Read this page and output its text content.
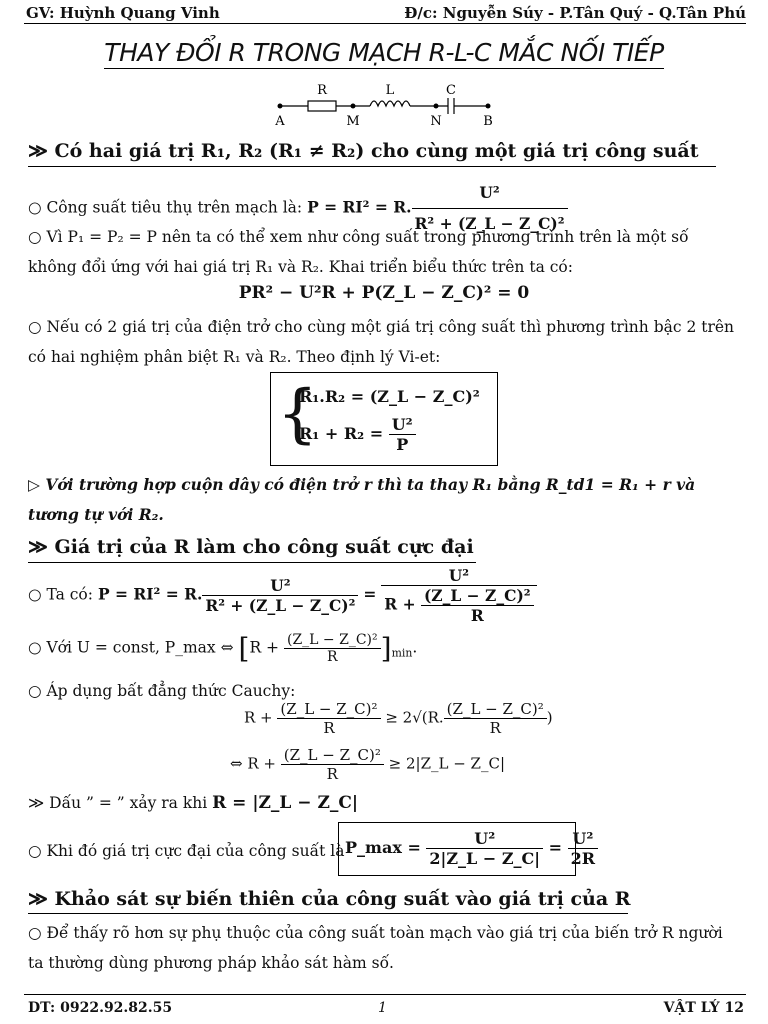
GV: Huỳnh Quang Vinh	Đ/c: Nguyễn Súy - P.Tân Quý - Q.Tân Phú
THAY ĐỔI R TRONG MẠCH R-L-C MẮC NỐI TIẾP
R	L	C
A	M	N	B
≫ Có hai giá trị R₁, R₂ (R₁ ≠ R₂) cho cùng một giá trị công suất
○ Công suất tiêu thụ trên mạch là: P = RI² = R. $\frac{\text{U²}}{\text{R² + (Z\_L − Z\_C)²}}$
○ Vì P₁ = P₂ = P nên ta có thể xem như công suất trong phương trình trên là một số không đổi ứng với hai giá trị R₁ và R₂. Khai triển biểu thức trên ta có:
PR² − U²R + P(Z_L − Z_C)² = 0
○ Nếu có 2 giá trị của điện trở cho cùng một giá trị công suất thì phương trình bậc 2 trên có hai nghiệm phân biệt R₁ và R₂. Theo định lý Vi-et:
{
R₁.R₂ = (Z_L − Z_C)²
$R_1 + R_2 = \frac{\text{U²}}{P}$
▷ Với trường hợp cuộn dây có điện trở r thì ta thay R₁ bằng R_td1 = R₁ + r và tương tự với R₂.
≫ Giá trị của R làm cho công suất cực đại
○ Ta có: P = RI² = R. $\frac{\text{U²}}{\text{R² + (Z\_L − Z\_C)²}} = \frac{\text{U²}}{R + \frac{\text{(Z\_L − Z\_C)²}}{R}}$
○ Với U = const, P_max ⇔ $[R + \frac{\text{(Z\_L − Z\_C)²}}{R} ]_{min}$.
○ Áp dụng bất đẳng thức Cauchy:
$R + \frac{\text{(Z\_L − Z\_C)²}}{R} \ge 2√(R$. $\frac{\text{(Z\_L − Z\_C)²}}{R}$ )
⇔ $R + \frac{\text{(Z\_L − Z\_C)²}}{R}$ ≥ 2|Z_L − Z_C|
≫ Dấu ” = ” xảy ra khi R = |Z_L − Z_C|
○ Khi đó giá trị cực đại của công suất là P_max = $\frac{\text{U²}}{2|Z\_L - Z\_C|} = \frac{\text{U²}}{2R}$
≫ Khảo sát sự biến thiên của công suất vào giá trị của R
○ Để thấy rõ hơn sự phụ thuộc của công suất toàn mạch vào giá trị của biến trở R người ta thường dùng phương pháp khảo sát hàm số.
DT: 0922.92.82.55	1	VẬT LÝ 12
